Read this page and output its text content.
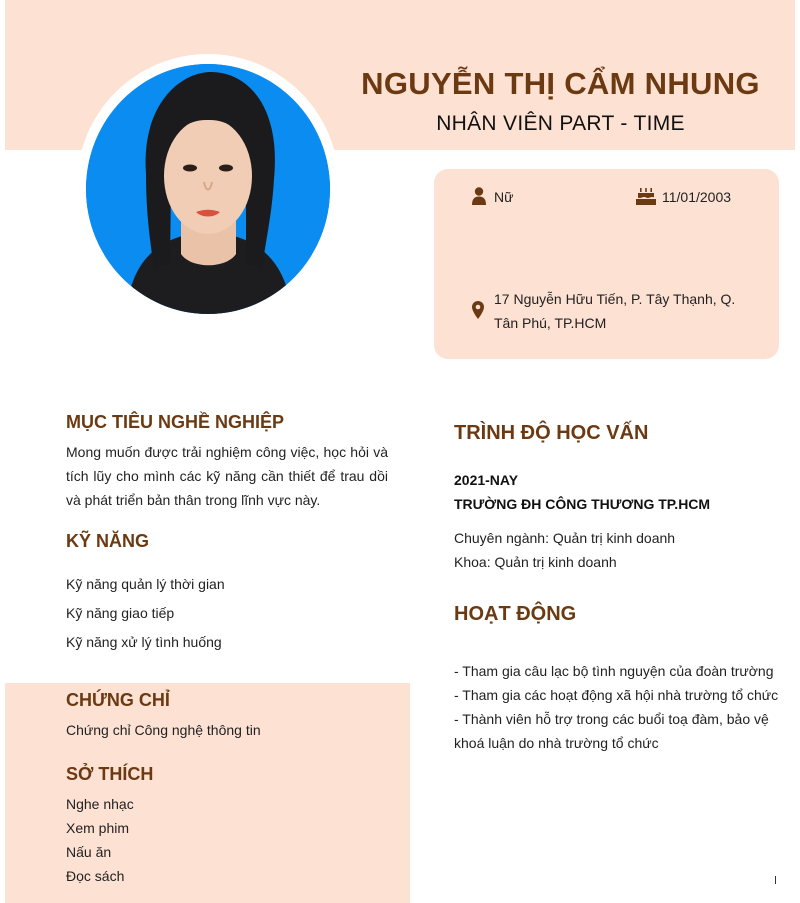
NGUYỄN THỊ CẨM NHUNG
NHÂN VIÊN PART - TIME
Nữ	11/01/2003
17 Nguyễn Hữu Tiến, P. Tây Thạnh, Q. Tân Phú, TP.HCM
MỤC TIÊU NGHỀ NGHIỆP
Mong muốn được trải nghiệm công việc, học hỏi và tích lũy cho mình các kỹ năng cần thiết để trau dồi và phát triển bản thân trong lĩnh vực này.
KỸ NĂNG
Kỹ năng quản lý thời gian
Kỹ năng giao tiếp
Kỹ năng xử lý tình huống
CHỨNG CHỈ
Chứng chỉ Công nghệ thông tin
SỞ THÍCH
Nghe nhạc
Xem phim
Nấu ăn
Đọc sách
TRÌNH ĐỘ HỌC VẤN
2021-NAY
TRƯỜNG ĐH CÔNG THƯƠNG TP.HCM
Chuyên ngành: Quản trị kinh doanh
Khoa: Quản trị kinh doanh
HOẠT ĐỘNG
- Tham gia câu lạc bộ tình nguyện của đoàn trường
- Tham gia các hoạt động xã hội nhà trường tổ chức
- Thành viên hỗ trợ trong các buổi toạ đàm, bảo vệ khoá luận do nhà trường tổ chức
